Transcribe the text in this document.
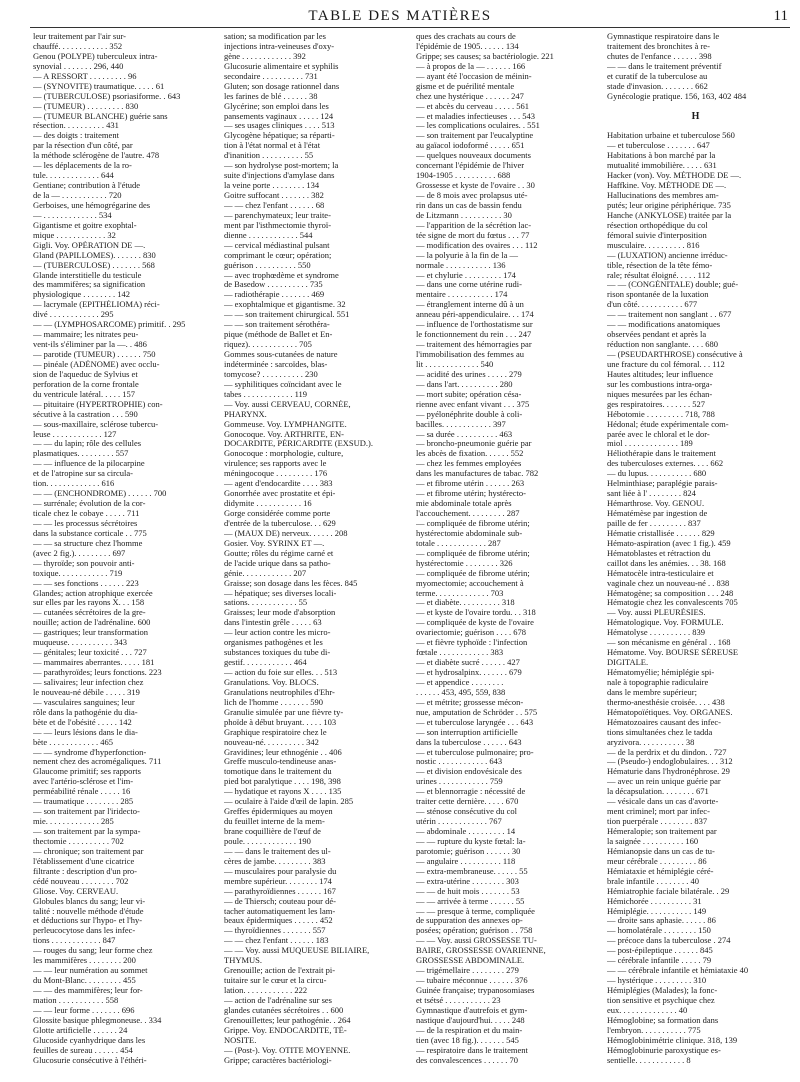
TABLE DES MATIÈRES	11
leur traitement par l'air sur-
chauffé. . . . . . . . . . . . 352
Genou (POLYPE) tuberculeux intra-
synovial . . . . . . . 296, 440
— A RESSORT . . . . . . . . . 96
— (SYNOVITE) traumatique. . . . . 61
— (TUBERCULOSE) psoriasiforme. . 643
— (TUMEUR) . . . . . . . . . 830
— (TUMEUR BLANCHE) guérie sans
résection. . . . . . . . . . 431
— des doigts : traitement
par la résection d'un côté, par
la méthode sclérogène de l'autre. 478
— les déplacements de la ro-
tule. . . . . . . . . . . . . 644
Gentiane; contribution à l'étude
de la — . . . . . . . . . . . 720
Gerboises, une hémogrégarine des
— . . . . . . . . . . . . . 534
Gigantisme et goitre exophtal-
mique . . . . . . . . . . . . 32
Gigli. Voy. OPÉRATION DE —.
Gland (PAPILLOMES). . . . . . . 830
— (TUBERCULOSE) . . . . . . . 568
Glande interstitielle du testicule
des mammifères; sa signification
physiologique . . . . . . . . 142
— lacrymale (EPITHÉLIOMA) réci-
divé . . . . . . . . . . . . 295
— — (LYMPHOSARCOME) primitif. . 295
— mammaire; les nitrates peu-
vent-ils s'éliminer par la —. . 486
— parotide (TUMEUR) . . . . . . 750
— pinéale (ADÉNOME) avec occlu-
sion de l'aqueduc de Sylvius et
perforation de la corne frontale
du ventricule latéral. . . . . 157
— pituitaire (HYPERTROPHIE) con-
sécutive à la castration . . . 590
— sous-maxillaire, sclérose tubercu-
leuse . . . . . . . . . . . . 127
— — du lapin; rôle des cellules
plasmatiques. . . . . . . . . 557
— — influence de la pilocarpine
et de l'atropine sur sa circula-
tion. . . . . . . . . . . . . 616
— — (ENCHONDROME) . . . . . . 700
— surrénale; évolution de la cor-
ticale chez le cobaye . . . . . 711
— — les processus sécrétoires
dans la substance corticale . . 775
— — sa structure chez l'homme
(avec 2 fig.). . . . . . . . . 697
— thyroïde; son pouvoir anti-
toxique. . . . . . . . . . . . 719
— — ses fonctions . . . . . . 223
Glandes; action atrophique exercée
sur elles par les rayons X. . . 158
— cutanées sécrétoires de la gre-
nouille; action de l'adrénaline. 600
— gastriques; leur transformation
muqueuse. . . . . . . . . . . 343
— génitales; leur toxicité . . . 727
— mammaires aberrantes. . . . . 181
— parathyroïdes; leurs fonctions. 223
— salivaires; leur infection chez
le nouveau-né débile . . . . . 319
— vasculaires sanguines; leur
rôle dans la pathogénie du dia-
bète et de l'obésité . . . . . 142
— — leurs lésions dans le dia-
bète . . . . . . . . . . . . 465
— — syndrome d'hyperfonction-
nement chez des acromégaliques. 711
Glaucome primitif; ses rapports
avec l'artério-sclérose et l'im-
perméabilité rénale . . . . . 16
— traumatique . . . . . . . . 285
— son traitement par l'iridecto-
mie. . . . . . . . . . . . . 285
— son traitement par la sympa-
thectomie . . . . . . . . . . 702
— chronique; son traitement par
l'établissement d'une cicatrice
filtrante : description d'un pro-
cédé nouveau . . . . . . . . 702
Gliose. Voy. CERVEAU.
Globules blancs du sang; leur vi-
talité : nouvelle méthode d'étude
et déductions sur l'hypo- et l'hy-
perleucocytose dans les infec-
tions . . . . . . . . . . . . 847
— rouges du sang; leur forme chez
les mammifères . . . . . . . . 200
— — leur numération au sommet
du Mont-Blanc. . . . . . . . . 455
— — des mammifères; leur for-
mation . . . . . . . . . . . 558
— — leur forme . . . . . . . 696
Glossite basique phlegmoneuse. . 334
Glotte artificielle . . . . . . 24
Glucoside cyanhydrique dans les
feuilles de sureau . . . . . . 454
Glucosurie consécutive à l'éthéri-
sation; sa modification par les
injections intra-veineuses d'oxy-
gène . . . . . . . . . . . . 392
Glucosurie alimentaire et syphilis
secondaire . . . . . . . . . . 731
Gluten; son dosage rationnel dans
les farines de blé . . . . . . 38
Glycérine; son emploi dans les
pansements vaginaux . . . . . 124
— ses usages cliniques . . . . 513
Glycogène hépatique; sa réparti-
tion à l'état normal et à l'état
d'inanition . . . . . . . . . . 55
— son hydrolyse post-mortem; la
suite d'injections d'amylase dans
la veine porte . . . . . . . . 134
Goitre suffocant . . . . . . . 382
— — chez l'enfant . . . . . . 68
— parenchymateux; leur traite-
ment par l'isthmectomie thyroï-
dienne . . . . . . . . . . . . 544
— cervical médiastinal pulsant
comprimant le cœur; opération;
guérison . . . . . . . . . . 550
— avec trophœdème et syndrome
de Basedow . . . . . . . . . . 735
— radiothérapie . . . . . . . 469
— exophtalmique et gigantisme. 32
— — son traitement chirurgical. 551
— — son traitement sérothéra-
pique (méthode de Ballet et En-
riquez). . . . . . . . . . . . 705
Gommes sous-cutanées de nature
indéterminée : sarcoïdes, blas-
tomycose? . . . . . . . . . . 230
— syphilitiques coïncidant avec le
tabes . . . . . . . . . . . . 119
— Voy. aussi CERVEAU, CORNÉE,
PHARYNX.
Gommeuse. Voy. LYMPHANGITE.
Gonocoque. Voy. ARTHRITE, EN-
DOCARDITE, PÉRICARDITE (EXSUD.).
Gonocoque : morphologie, culture,
virulence; ses rapports avec le
méningocoque . . . . . . . . . 176
— agent d'endocardite . . . . 383
Gonorrhée avec prostatite et épi-
didymite . . . . . . . . . . . 16
Gorge considérée comme porte
d'entrée de la tuberculose. . . 629
— (MAUX DE) nerveux. . . . . . 208
Gosier. Voy. SYRINX ET —.
Goutte; rôles du régime carné et
de l'acide urique dans sa patho-
génie. . . . . . . . . . . . 207
Graisse; son dosage dans les fèces. 845
— hépatique; ses diverses locali-
sations. . . . . . . . . . . . 55
Graisses; leur mode d'absorption
dans l'intestin grêle . . . . . 63
— leur action contre les micro-
organismes pathogènes et les
substances toxiques du tube di-
gestif. . . . . . . . . . . . 464
— action du foie sur elles. . . 513
Granulations. Voy. BLOCS.
Granulations neutrophiles d'Ehr-
lich de l'homme . . . . . . . 590
Granulie simulée par une fièvre ty-
phoïde à début bruyant. . . . . 103
Graphique respiratoire chez le
nouveau-né. . . . . . . . . . 342
Gravidines; leur ethnogénie . . 406
Greffe musculo-tendineuse anas-
tomotique dans le traitement du
pied bot paralytique . . . . 198, 398
— hydatique et rayons X . . . . 135
— oculaire à l'aide d'œil de lapin. 285
Greffes épidermiques au moyen
du feuillet interne de la mem-
brane coquillière de l'œuf de
poule. . . . . . . . . . . . . 190
— — dans le traitement des ul-
cères de jambe. . . . . . . . . 383
— musculaires pour paralysie du
membre supérieur. . . . . . . . 174
— parathyroïdiennes . . . . . . 167
— de Thiersch; couteau pour dé-
tacher automatiquement les lam-
beaux épidermiques . . . . . . 452
— thyroïdiennes . . . . . . . 557
— — chez l'enfant . . . . . . 183
— — Voy. aussi MUQUEUSE BILIAIRE,
THYMUS.
Grenouille; action de l'extrait pi-
tuitaire sur le cœur et la circu-
lation. . . . . . . . . . . . 222
— action de l'adrénaline sur ses
glandes cutanées sécrétoires . . 600
Grenouillettes; leur pathogénie. . 264
Grippe. Voy. ENDOCARDITE, TÉ-
NOSITE.
— (Post-). Voy. OTITE MOYENNE.
Grippe; caractères bactériologi-
ques des crachats au cours de
l'épidémie de 1905. . . . . . 134
Grippe; ses causes; sa bactériologie. 221
— à propos de la — . . . . . . 166
— ayant été l'occasion de méinin-
gisme et de puérilité mentale
chez une hystérique . . . . . . 247
— et abcès du cerveau . . . . . 561
— et maladies infectieuses . . . 543
— les complications oculaires. . 551
— son traitement par l'eucalyptine
au gaïacol iodoformé . . . . . 651
— quelques nouveaux documents
concernant l'épidémie de l'hiver
1904-1905 . . . . . . . . . . 688
Grossesse et kyste de l'ovaire . . 30
— de 8 mois avec prolapsus uté-
rin dans un cas de bassin fendu
de Litzmann . . . . . . . . . . 30
— l'apparition de la sécrétion lac-
tée signe de mort du fœtus . . . 77
— modification des ovaires . . . 112
— la polyurie à la fin de la —
normale . . . . . . . . . . . 136
— et chylurie . . . . . . . . . 174
— dans une corne utérine rudi-
mentaire . . . . . . . . . . . 174
— étranglement interne dû à un
anneau péri-appendiculaire. . . 174
— influence de l'orthostatisme sur
le fonctionnement du rein . . . 247
— traitement des hémorragies par
l'immobilisation des femmes au
lit . . . . . . . . . . . . . 540
— acidité des urines . . . . . 279
— dans l'art. . . . . . . . . . 280
— mort subite; opération césa-
rienne avec enfant vivant . . . 375
— pyélonéphrite double à coli-
bacilles. . . . . . . . . . . . 397
— sa durée . . . . . . . . . . 463
— broncho-pneumonie guérie par
les abcès de fixation. . . . . . 552
— chez les femmes employées
dans les manufactures de tabac. 782
— et fibrome utérin . . . . . . 263
— et fibrome utérin; hystérecto-
mie abdominale totale après
l'accouchement. . . . . . . . . 287
— compliquée de fibrome utérin;
hystérectomie abdominale sub-
totale . . . . . . . . . . . . 287
— compliquée de fibrome utérin;
hystérectomie . . . . . . . . 326
— compliquée de fibrome utérin;
myomectomie; accouchement à
terme. . . . . . . . . . . . . 703
— et diabète. . . . . . . . . . 318
— et kyste de l'ovaire tordu. . . 318
— compliquée de kyste de l'ovaire
ovariectomie; guérison . . . . 678
— et fièvre typhoïde : l'infection
fœtale . . . . . . . . . . . . 383
— et diabète sucré . . . . . . 427
— et hydrosalpinx. . . . . . . 679
— et appendice . . . . . . . .
. . . . . . 453, 495, 559, 838
— et métrite; grossesse mécon-
nue, amputation de Schröder . . 575
— et tuberculose laryngée . . . 643
— son interruption artificielle
dans la tuberculose . . . . . . 643
— et tuberculose pulmonaire; pro-
nostic . . . . . . . . . . . . 643
— et division endovésicale des
urines . . . . . . . . . . . . 759
— et blennorragie : nécessité de
traiter cette dernière. . . . . 670
— sténose consécutive du col
utérin . . . . . . . . . . . . 767
— abdominale . . . . . . . . . 14
— — rupture du kyste fœtal: la-
parotomie; guérison . . . . . . 30
— angulaire . . . . . . . . . . 118
— extra-membraneuse. . . . . . 55
— extra-utérine . . . . . . . . 303
— — de huit mois . . . . . . . 53
— — arrivée à terme . . . . . . 55
— — presque à terme, compliquée
de suppuration des annexes op-
posées; opération; guérison . . 758
— — Voy. aussi GROSSESSE TU-
BAIRE, GROSSESSE OVARIENNE,
GROSSESSE ABDOMINALE.
— trigémellaire . . . . . . . . 279
— tubaire méconnue . . . . . . 376
Guinée française; trypanosomiases
et tsétsé . . . . . . . . . . . 23
Gymnastique d'autrefois et gym-
nastique d'aujourd'hui. . . . . 248
— de la respiration et du main-
tien (avec 18 fig.). . . . . . . 545
— respiratoire dans le traitement
des convalescences . . . . . . 70
Gymnastique respiratoire dans le
traitement des bronchites à re-
chutes de l'enfance . . . . . . 398
— — dans le traitement préventif
et curatif de la tuberculose au
stade d'invasion. . . . . . . . 662
Gynécologie pratique. 156, 163, 402 484
H
Habitation urbaine et tuberculose 560
— et tuberculose . . . . . . . 647
Habitations à bon marché par la
mutualité immobilière. . . . . 631
Hacker (von). Voy. MÉTHODE DE —.
Haffkine. Voy. MÉTHODE DE —.
Hallucinations des membres am-
putés; leur origine périphérique. 735
Hanche (ANKYLOSE) traitée par la
résection orthopédique du col
fémoral suivie d'interposition
musculaire. . . . . . . . . . 816
— (LUXATION) ancienne irréduc-
tible, résection de la tête fémo-
rale; résultat éloigné. . . . . 112
— — (CONGÉNITALE) double; gué-
rison spontanée de la luxation
d'un côté. . . . . . . . . . . 677
— — traitement non sanglant . . 677
— — modifications anatomiques
observées pendant et après la
réduction non sanglante. . . . 680
— (PSEUDARTHROSE) consécutive à
une fracture du col fémoral. . . 112
Hautes altitudes; leur influence
sur les combustions intra-orga-
niques mesurées par les échan-
ges respiratoires. . . . . . . 527
Hébotomie . . . . . . . . . 718, 788
Hédonal; étude expérimentale com-
parée avec le chloral et le dor-
miol . . . . . . . . . . . . . 189
Héliothérapie dans le traitement
des tuberculoses externes. . . . 662
— du lupus. . . . . . . . . . . 680
Helminthiase; paraplégie parais-
sant liée à l' . . . . . . . . 824
Hémarthrose. Voy. GENOU.
Hématémèse par ingestion de
paille de fer . . . . . . . . . 837
Hématie cristallisée . . . . . . 829
Hémato-aspiration (avec 1 fig.). 459
Hématoblastes et rétraction du
caillot dans les anémies. . . 38. 168
Hématocèle intra-testiculaire et
vaginale chez un nouveau-né . . 838
Hématogène; sa composition . . . 248
Hématogie chez les convalescents 705
— Voy. aussi PLEURÉSIES.
Hématologique. Voy. FORMULE.
Hématolyse . . . . . . . . . . 839
— son mécanisme en général . . 168
Hématome. Voy. BOURSE SÉREUSE
DIGITALE.
Hématomyélie; hémiplégie spi-
nale à topographie radiculaire
dans le membre supérieur;
thermo-anesthésie croisée. . . . 438
Hématopoïétiques. Voy. ORGANES.
Hématozoaires causant des infec-
tions simultanées chez le tadda
aryzivora. . . . . . . . . . . 38
— de la perdrix et du dindon. . 727
— (Pseudo-) endoglobulaires. . . 312
Hématurie dans l'hydronéphrose. 29
— avec un rein unique guérie par
la décapsulation. . . . . . . . 671
— vésicale dans un cas d'avorte-
ment criminel; mort par infec-
tion puerpérale . . . . . . . . 837
Hémeralopie; son traitement par
la saignée . . . . . . . . . . 160
Hémianopsie dans un cas de tu-
meur cérébrale . . . . . . . . . 86
Hémiataxie et hémiplégie céré-
brale infantile . . . . . . . . 40
Hémiatrophie faciale bilatérale. . 29
Hémichorée . . . . . . . . . . 31
Hémiplégie. . . . . . . . . . . 149
— droite sans aphasie. . . . . . 86
— homolatérale . . . . . . . . 150
— précoce dans la tuberculose . 274
— post-épileptique . . . . . . 845
— cérébrale infantile . . . . . 79
— — cérébrale infantile et hémiataxie 40
— hystérique . . . . . . . . . 310
Hémiplégies (Malades); la fonc-
tion sensitive et psychique chez
eux. . . . . . . . . . . . . . 40
Hémoglobine; sa formation dans
l'embryon. . . . . . . . . . . 775
Hémoglobinimétrie clinique. 318, 139
Hémoglobinurie paroxystique es-
sentielle. . . . . . . . . . . . 8
